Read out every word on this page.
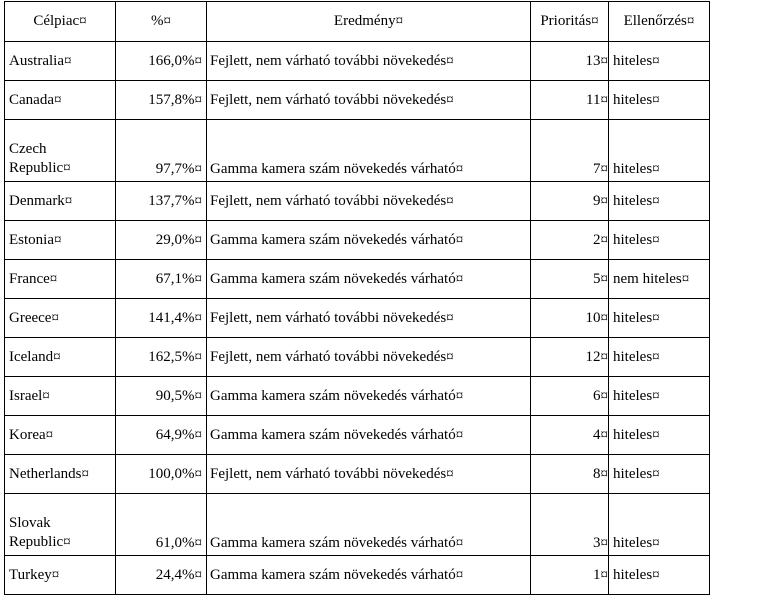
Célpiac¤	%¤	Eredmény¤	Prioritás¤	Ellenőrzés¤
Australia¤	166,0%¤	Fejlett, nem várható további növekedés¤	13¤	hiteles¤
Canada¤	157,8%¤	Fejlett, nem várható további növekedés¤	11¤	hiteles¤
Czech Republic¤	97,7%¤	Gamma kamera szám növekedés várható¤	7¤	hiteles¤
Denmark¤	137,7%¤	Fejlett, nem várható további növekedés¤	9¤	hiteles¤
Estonia¤	29,0%¤	Gamma kamera szám növekedés várható¤	2¤	hiteles¤
France¤	67,1%¤	Gamma kamera szám növekedés várható¤	5¤	nem hiteles¤
Greece¤	141,4%¤	Fejlett, nem várható további növekedés¤	10¤	hiteles¤
Iceland¤	162,5%¤	Fejlett, nem várható további növekedés¤	12¤	hiteles¤
Israel¤	90,5%¤	Gamma kamera szám növekedés várható¤	6¤	hiteles¤
Korea¤	64,9%¤	Gamma kamera szám növekedés várható¤	4¤	hiteles¤
Netherlands¤	100,0%¤	Fejlett, nem várható további növekedés¤	8¤	hiteles¤
Slovak Republic¤	61,0%¤	Gamma kamera szám növekedés várható¤	3¤	hiteles¤
Turkey¤	24,4%¤	Gamma kamera szám növekedés várható¤	1¤	hiteles¤
